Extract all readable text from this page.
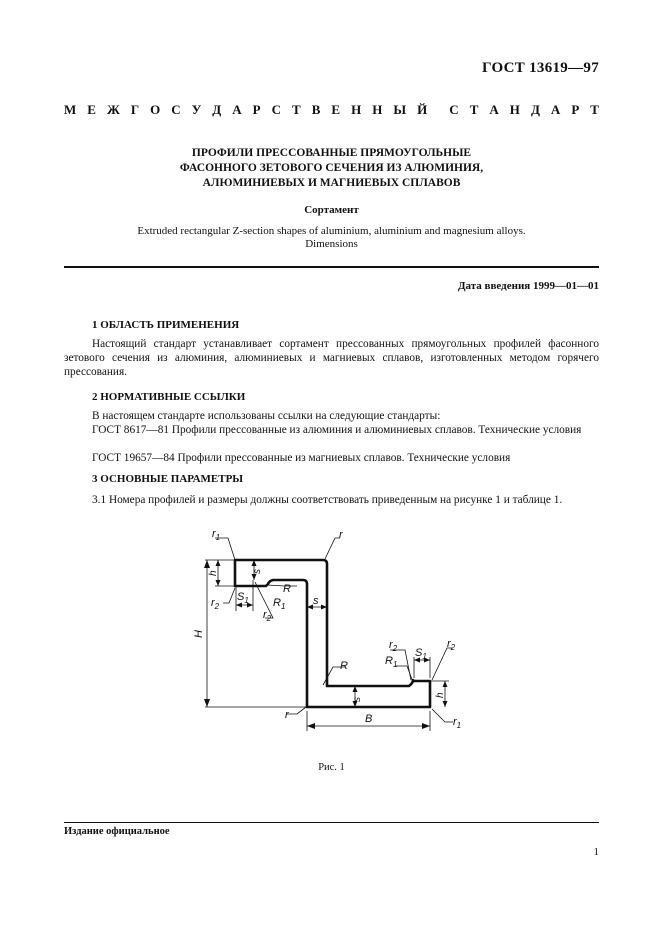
ГОСТ 13619—97
М Е Ж Г О С У Д А Р С Т В Е Н Н Ы Й С Т А Н Д А Р Т
ПРОФИЛИ ПРЕССОВАННЫЕ ПРЯМОУГОЛЬНЫЕ
ФАСОННОГО ЗЕТОВОГО СЕЧЕНИЯ ИЗ АЛЮМИНИЯ,
АЛЮМИНИЕВЫХ И МАГНИЕВЫХ СПЛАВОВ
Сортамент
Extruded rectangular Z-section shapes of aluminium, aluminium and magnesium alloys.
Dimensions
Дата введения 1999—01—01
1 ОБЛАСТЬ ПРИМЕНЕНИЯ
Настоящий стандарт устанавливает сортамент прессованных прямоугольных профилей фасонного зетового сечения из алюминия, алюминиевых и магниевых сплавов, изготовленных методом горячего прессования.
2 НОРМАТИВНЫЕ ССЫЛКИ
В настоящем стандарте использованы ссылки на следующие стандарты:
ГОСТ 8617—81 Профили прессованные из алюминия и алюминиевых сплавов. Технические условия
ГОСТ 19657—84 Профили прессованные из магниевых сплавов. Технические условия
3 ОСНОВНЫЕ ПАРАМЕТРЫ
3.1 Номера профилей и размеры должны соответствовать приведенным на рисунке 1 и таблице 1.
$r_1$
$r_2$
r
$r_2$
R
$R_1$
$S_1$	s
R	$R_1$
$r_2$ $S_1$
$r_2$
B
r
$r_1$
H
h	s
s
h
Рис. 1
Издание официальное
1
